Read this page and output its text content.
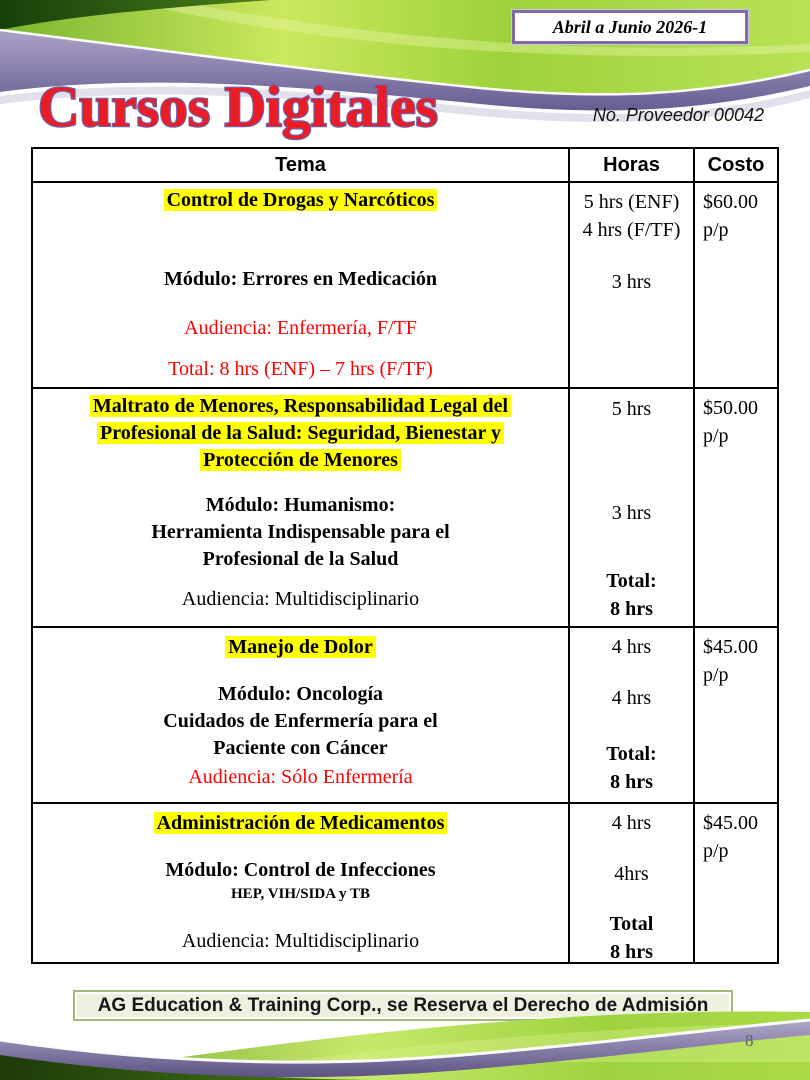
Cursos Digitales
Abril a Junio 2026-1
No. Proveedor 00042
Tema	Horas	Costo
Control de Drogas y Narcóticos
Módulo: Errores en Medicación
Audiencia: Enfermería, F/TF
Total: 8 hrs (ENF) – 7 hrs (F/TF)
5 hrs (ENF)
4 hrs (F/TF)
3 hrs
$60.00
p/p
Maltrato de Menores, Responsabilidad Legal del
Profesional de la Salud: Seguridad, Bienestar y
Protección de Menores
Módulo: Humanismo:
Herramienta Indispensable para el
Profesional de la Salud
Audiencia: Multidisciplinario
5 hrs
3 hrs
Total:
8 hrs
$50.00
p/p
Manejo de Dolor
Módulo: Oncología
Cuidados de Enfermería para el
Paciente con Cáncer
Audiencia: Sólo Enfermería
4 hrs
4 hrs
Total:
8 hrs
$45.00
p/p
Administración de Medicamentos
Módulo: Control de Infecciones
HEP, VIH/SIDA y TB
Audiencia: Multidisciplinario
4 hrs
4hrs
Total
8 hrs
$45.00
p/p
AG Education & Training Corp., se Reserva el Derecho de Admisión
8
